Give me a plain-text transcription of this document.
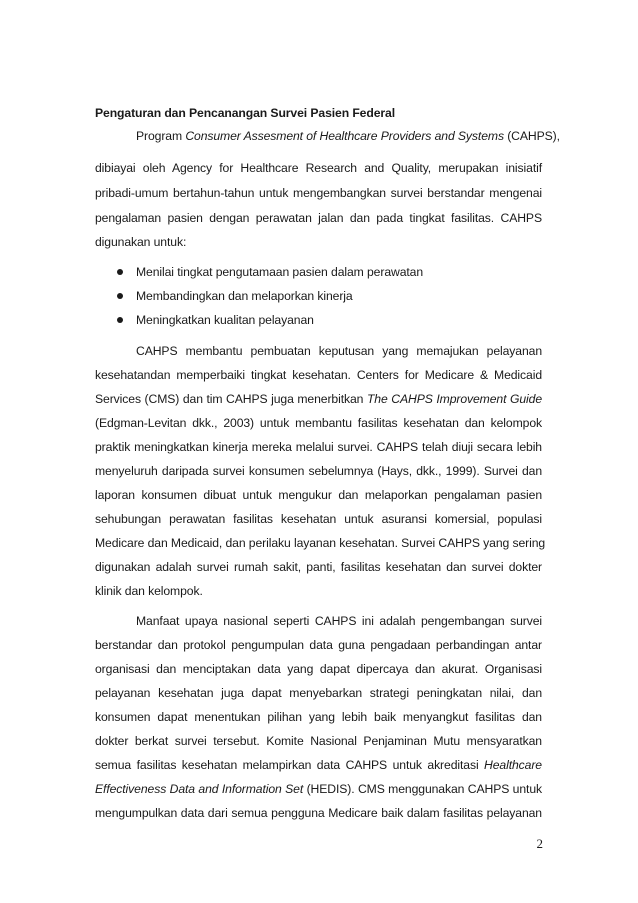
Pengaturan dan Pencanangan Survei Pasien Federal
Program Consumer Assesment of Healthcare Providers and Systems (CAHPS),
dibiayai oleh Agency for Healthcare Research and Quality, merupakan inisiatif
pribadi-umum bertahun-tahun untuk mengembangkan survei berstandar mengenai
pengalaman pasien dengan perawatan jalan dan pada tingkat fasilitas. CAHPS
digunakan untuk:
Menilai tingkat pengutamaan pasien dalam perawatan
Membandingkan dan melaporkan kinerja
Meningkatkan kualitan pelayanan
CAHPS membantu pembuatan keputusan yang memajukan pelayanan
kesehatandan memperbaiki tingkat kesehatan. Centers for Medicare & Medicaid
Services (CMS) dan tim CAHPS juga menerbitkan The CAHPS Improvement Guide
(Edgman-Levitan dkk., 2003) untuk membantu fasilitas kesehatan dan kelompok
praktik meningkatkan kinerja mereka melalui survei. CAHPS telah diuji secara lebih
menyeluruh daripada survei konsumen sebelumnya (Hays, dkk., 1999). Survei dan
laporan konsumen dibuat untuk mengukur dan melaporkan pengalaman pasien
sehubungan perawatan fasilitas kesehatan untuk asuransi komersial, populasi
Medicare dan Medicaid, dan perilaku layanan kesehatan. Survei CAHPS yang sering
digunakan adalah survei rumah sakit, panti, fasilitas kesehatan dan survei dokter
klinik dan kelompok.
Manfaat upaya nasional seperti CAHPS ini adalah pengembangan survei
berstandar dan protokol pengumpulan data guna pengadaan perbandingan antar
organisasi dan menciptakan data yang dapat dipercaya dan akurat. Organisasi
pelayanan kesehatan juga dapat menyebarkan strategi peningkatan nilai, dan
konsumen dapat menentukan pilihan yang lebih baik menyangkut fasilitas dan
dokter berkat survei tersebut. Komite Nasional Penjaminan Mutu mensyaratkan
semua fasilitas kesehatan melampirkan data CAHPS untuk akreditasi Healthcare
Effectiveness Data and Information Set (HEDIS). CMS menggunakan CAHPS untuk
mengumpulkan data dari semua pengguna Medicare baik dalam fasilitas pelayanan
2
